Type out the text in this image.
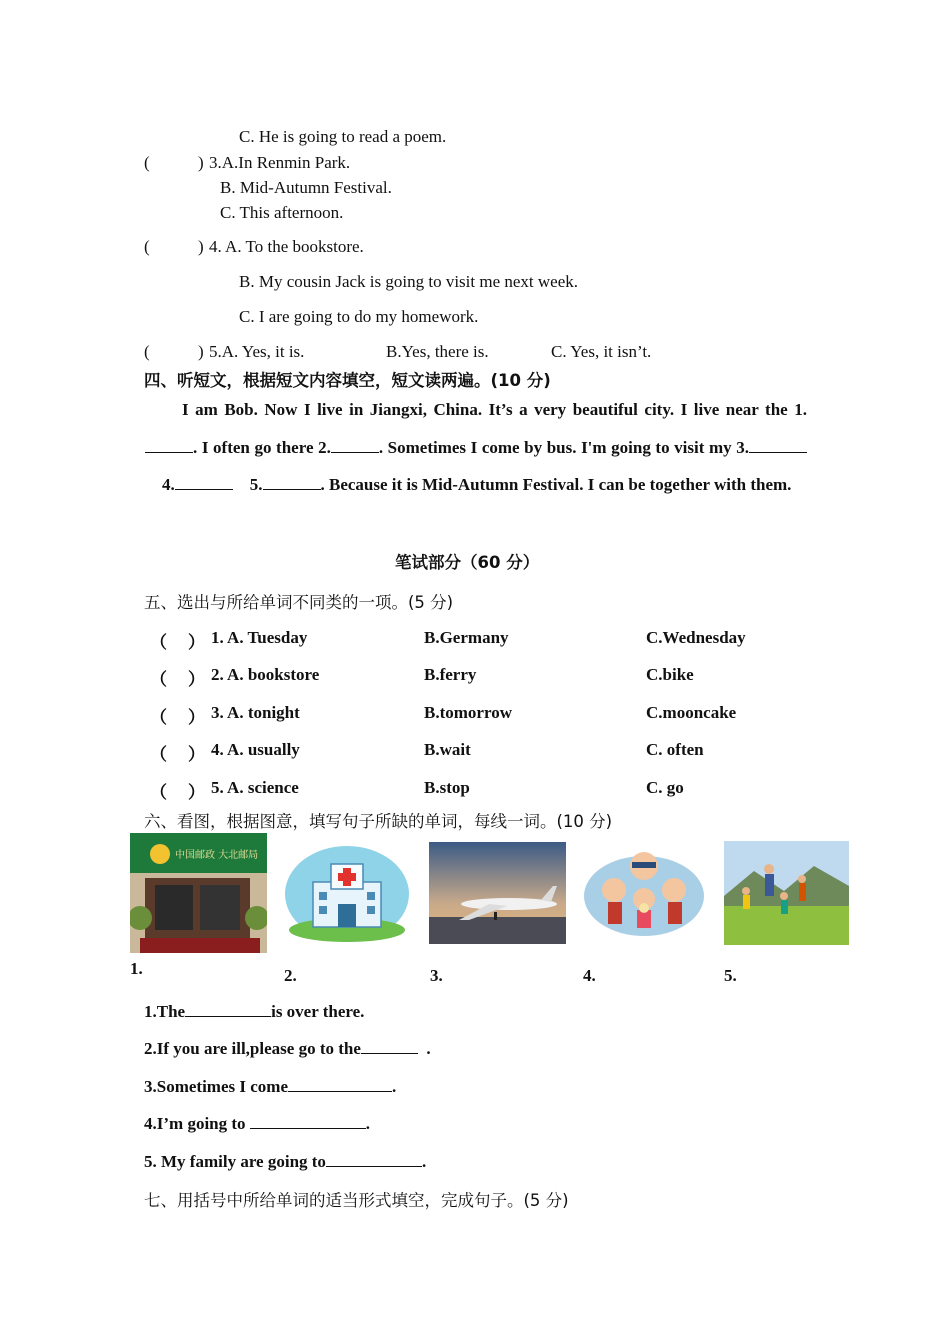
C. He is going to read a poem.
(	) 3.A.In Renmin Park.
B. Mid-Autumn Festival.
C. This afternoon.
(	) 4. A. To the bookstore.
B. My cousin Jack is going to visit me next week.
C. I are going to do my homework.
(	) 5.A. Yes, it is.	B.Yes, there is.	C. Yes, it isn’t.
四、听短文，根据短文内容填空，短文读两遍。(10 分)
I am Bob. Now I live in Jiangxi, China. It’s a very beautiful city. I live near the 1.. I often go there 2.	. Sometimes I come by bus. I'm going to visit my 3.    4.	5.	. Because it is Mid-Autumn Festival. I can be together with them.
笔试部分（60 分）
五、选出与所给单词不同类的一项。(5 分)
（ ） 1. A. Tuesday	B.Germany	C.Wednesday
（ ） 2. A. bookstore	B.ferry	C.bike
（ ） 3. A. tonight	B.tomorrow	C.mooncake
（ ） 4. A. usually	B.wait	C. often
（ ） 5. A. science	B.stop	C. go
六、看图，根据图意，填写句子所缺的单词，每线一词。(10 分)
中国邮政 大北邮局
1.	2.	3.	4.	5.
1.The	is over there.
2.If you are ill,please go to the	.
3.Sometimes I come	.
4.I’m going to	.
5. My family are going to	.
七、用括号中所给单词的适当形式填空，完成句子。(5 分)
